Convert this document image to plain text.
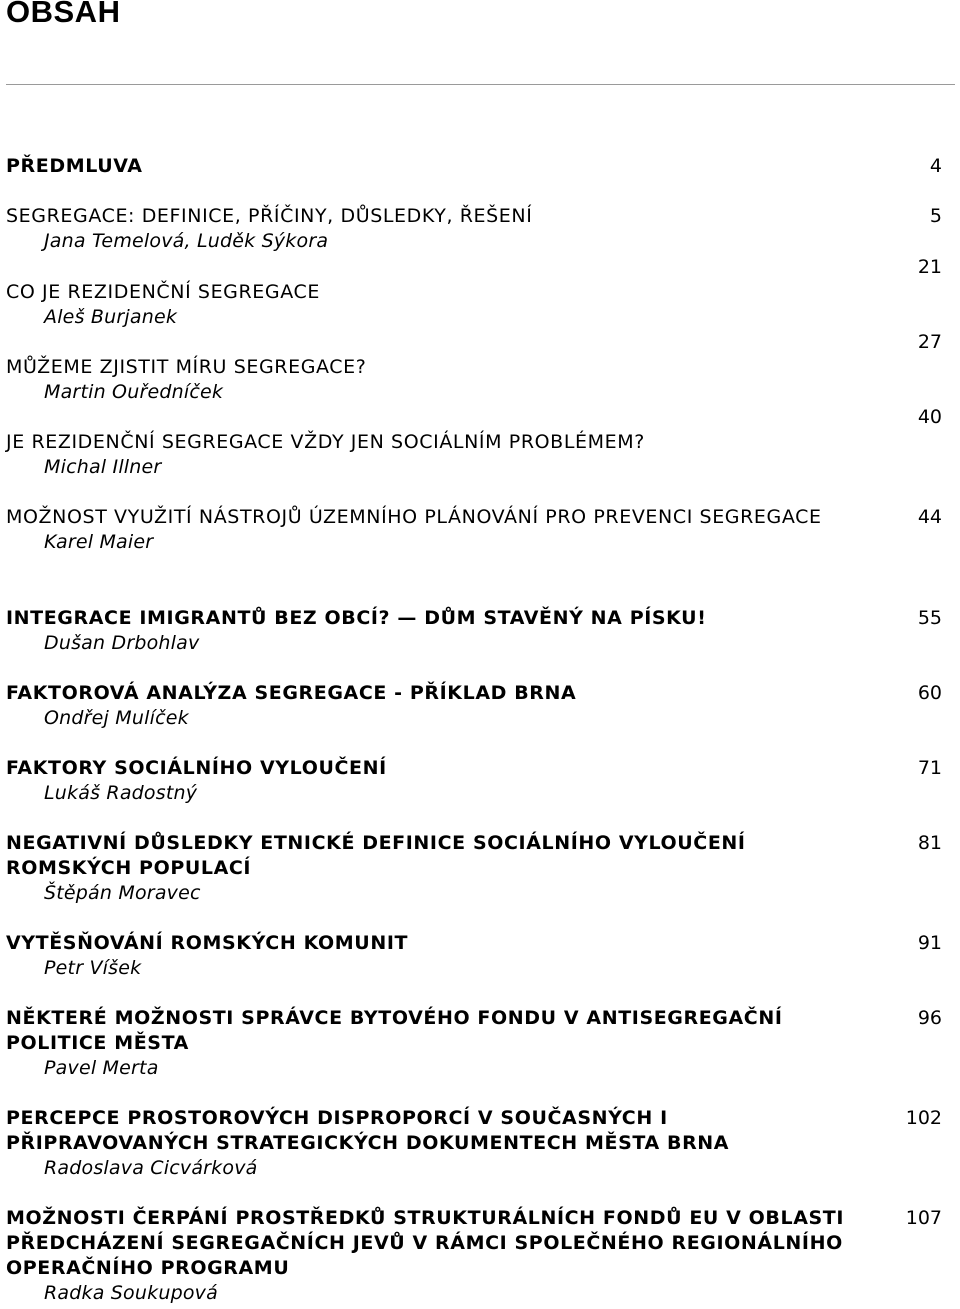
OBSAH
PŘEDMLUVA	4
SEGREGACE: DEFINICE, PŘÍČINY, DŮSLEDKY, ŘEŠENÍ
Jana Temelová, Luděk Sýkora
5
CO JE REZIDENČNÍ SEGREGACE
Aleš Burjanek
21
MŮŽEME ZJISTIT MÍRU SEGREGACE?
Martin Ouředníček
27
JE REZIDENČNÍ SEGREGACE VŽDY JEN SOCIÁLNÍM PROBLÉMEM?
Michal Illner
40
MOŽNOST VYUŽITÍ NÁSTROJŮ ÚZEMNÍHO PLÁNOVÁNÍ PRO PREVENCI SEGREGACE
Karel Maier
44
INTEGRACE IMIGRANTŮ BEZ OBCÍ? — DŮM STAVĚNÝ NA PÍSKU!
Dušan Drbohlav
55
FAKTOROVÁ ANALÝZA SEGREGACE - PŘÍKLAD BRNA
Ondřej Mulíček
60
FAKTORY SOCIÁLNÍHO VYLOUČENÍ
Lukáš Radostný
71
NEGATIVNÍ DŮSLEDKY ETNICKÉ DEFINICE SOCIÁLNÍHO VYLOUČENÍ ROMSKÝCH POPULACÍ
Štěpán Moravec
81
VYTĚSŇOVÁNÍ ROMSKÝCH KOMUNIT
Petr Víšek
91
NĚKTERÉ MOŽNOSTI SPRÁVCE BYTOVÉHO FONDU V ANTISEGREGAČNÍ POLITICE MĚSTA
Pavel Merta
96
PERCEPCE PROSTOROVÝCH DISPROPORCÍ V SOUČASNÝCH I PŘIPRAVOVANÝCH STRATEGICKÝCH DOKUMENTECH MĚSTA BRNA
Radoslava Cicvárková
102
MOŽNOSTI ČERPÁNÍ PROSTŘEDKŮ STRUKTURÁLNÍCH FONDŮ EU V OBLASTI PŘEDCHÁZENÍ SEGREGAČNÍCH JEVŮ V RÁMCI SPOLEČNÉHO REGIONÁLNÍHO OPERAČNÍHO PROGRAMU
Radka Soukupová
107
